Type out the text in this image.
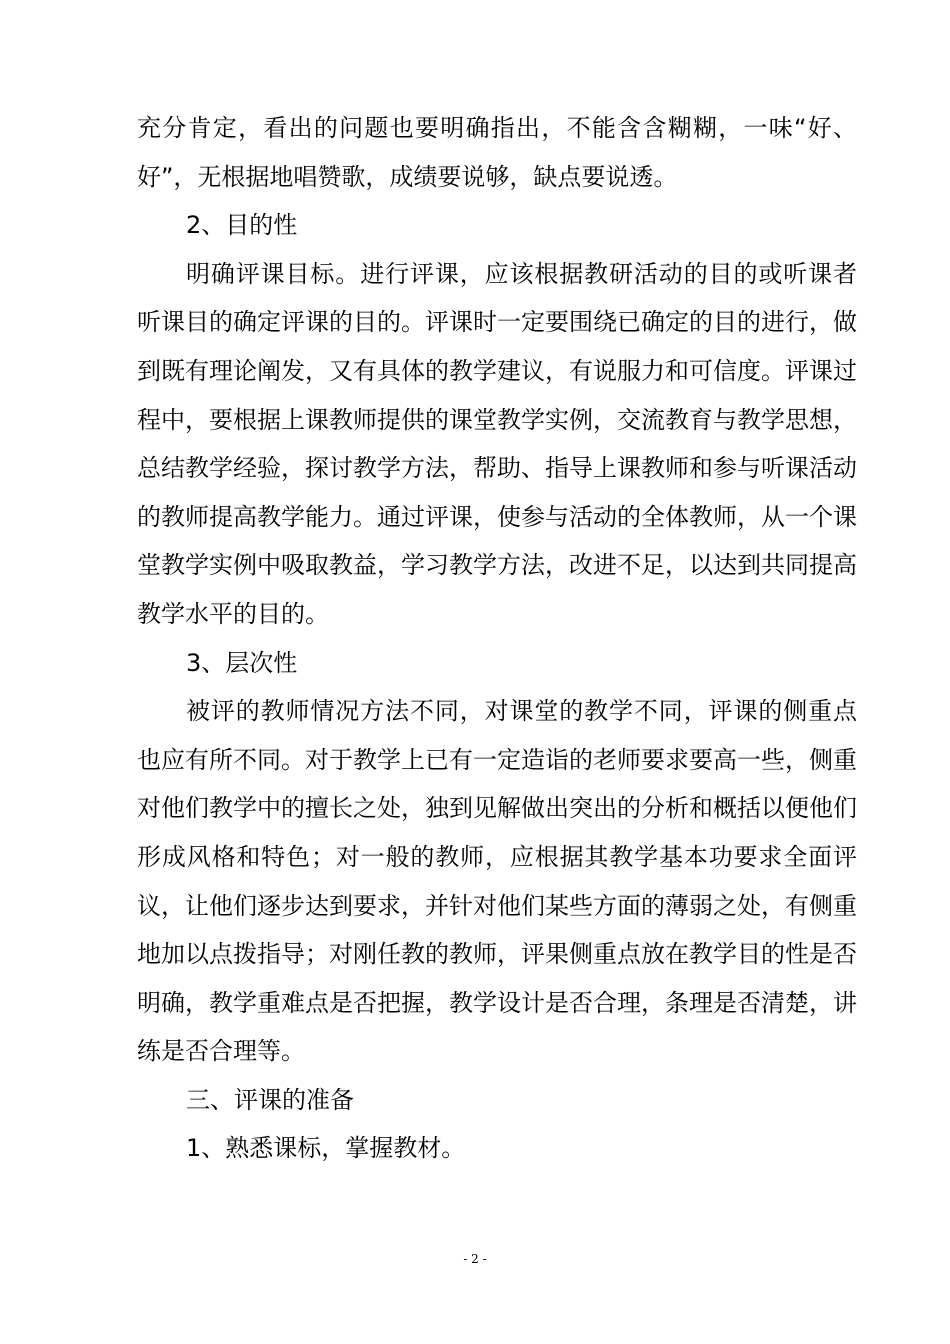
充分肯定，看出的问题也要明确指出，不能含含糊糊，一味“好、好”，无根据地唱赞歌，成绩要说够，缺点要说透。

2、目的性

明确评课目标。进行评课，应该根据教研活动的目的或听课者听课目的确定评课的目的。评课时一定要围绕已确定的目的进行，做到既有理论阐发，又有具体的教学建议，有说服力和可信度。评课过程中，要根据上课教师提供的课堂教学实例，交流教育与教学思想，总结教学经验，探讨教学方法，帮助、指导上课教师和参与听课活动的教师提高教学能力。通过评课，使参与活动的全体教师，从一个课堂教学实例中吸取教益，学习教学方法，改进不足，以达到共同提高教学水平的目的。

3、层次性

被评的教师情况方法不同，对课堂的教学不同，评课的侧重点也应有所不同。对于教学上已有一定造诣的老师要求要高一些，侧重对他们教学中的擅长之处，独到见解做出突出的分析和概括以便他们形成风格和特色；对一般的教师，应根据其教学基本功要求全面评议，让他们逐步达到要求，并针对他们某些方面的薄弱之处，有侧重地加以点拨指导；对刚任教的教师，评果侧重点放在教学目的性是否明确，教学重难点是否把握，教学设计是否合理，条理是否清楚，讲练是否合理等。

三、评课的准备

1、熟悉课标，掌握教材。

- 2 -
